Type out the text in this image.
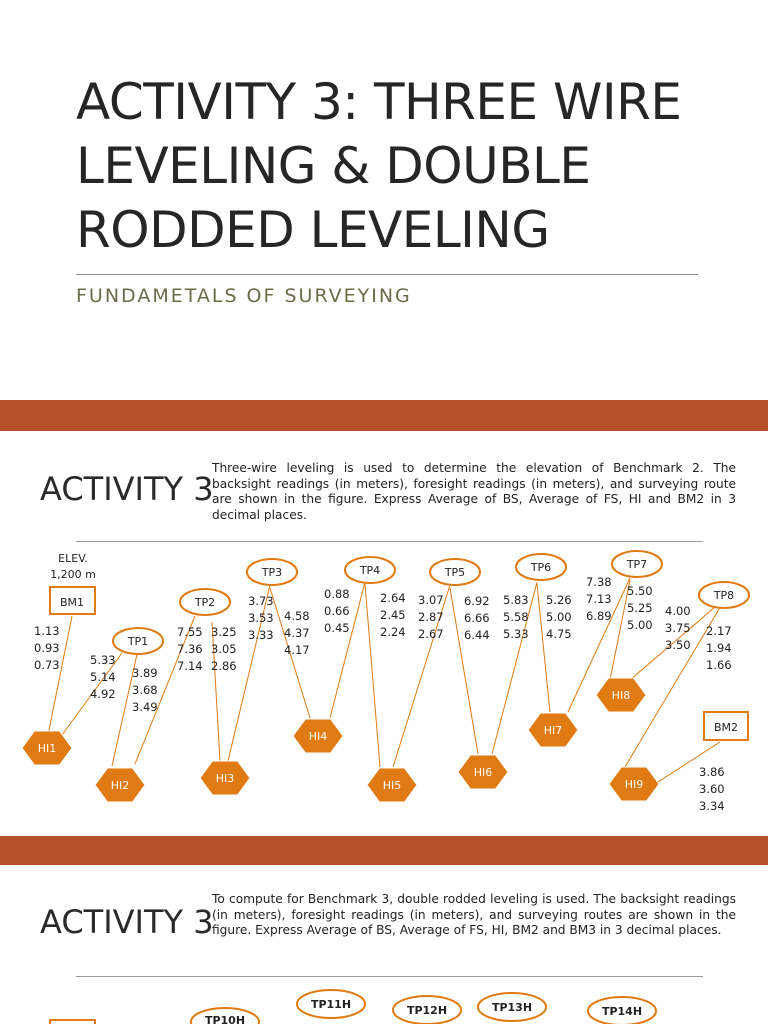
ACTIVITY 3: THREE WIRE
LEVELING & DOUBLE
RODDED LEVELING
FUNDAMETALS OF SURVEYING
ACTIVITY 3
Three-wire leveling is used to determine the elevation of Benchmark 2. The backsight readings (in meters), foresight readings (in meters), and surveying route are shown in the figure. Express Average of BS, Average of FS, HI and BM2 in 3 decimal places.
BM1
BM2
ELEV.
1,200 m
TP1
TP2
TP3	TP4	TP5	TP6	TP7
TP8
HI1
HI2
HI3
HI4
HI5
HI6
HI7
HI8
HI9
1.13
0.93
0.73	5.33
5.14
4.92
3.89
3.68
3.49
7.55
7.36
7.14
3.25
3.05
2.86
3.73
3.53
3.33
4.58
4.37
4.17
0.88
0.66
0.45
2.64
2.45
2.24
3.07
2.87
2.67
6.92
6.66
6.44
5.83
5.58
5.33
5.26
5.00
4.75
7.38
7.13
6.89
5.50
5.25
5.00
4.00
3.75
3.50
2.17
1.94
1.66
3.86
3.60
3.34
ACTIVITY 3
To compute for Benchmark 3, double rodded leveling is used. The backsight readings (in meters), foresight readings (in meters), and surveying routes are shown in the figure. Express Average of BS, Average of FS, HI, BM2 and BM3 in 3 decimal places.
TP10H
TP11H	TP12H	TP13H	TP14H
